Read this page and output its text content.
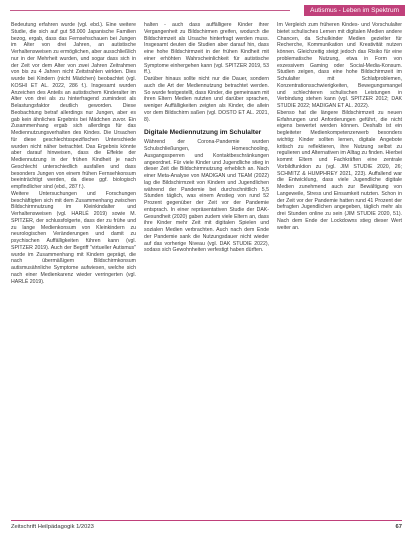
Autismus - Leben im Spektrum

Bedeutung erfahren wurde (vgl. ebd.). Eine weitere Studie, die sich auf gut 58.000 Japanische Familien bezog, ergab, dass das Fernsehschauen bei Jungen im Alter von drei Jahren, an autistische Verhaltensweisen zu ermöglichen, aber ausschließlich nur in der Mehrheit wurden, und sogar dass sich in der Zeit vor dem Alter von zwei Jahren Zeitrahmen von bis zu 4 Jahren nicht Zeitstrahlen wirkten. Dies wurde bei Kindern (nicht Mädchen) beobachtet (vgl. KOSHI ET AL. 2022, 286 f.). Insgesamt wurden Anzeichen des Anteils an autistischem Kinderalter im Alter von drei als zu hinterfragend zumindest als Belastungsfaktor deutlich geworden. Diese Beobachtung betraf allerdings nur Jungen, aber es gab kein ähnliches Ergebnis bei Mädchen zuvor. Ein Zusammenhang ergab sich allerdings für das Mediennutzungsverhalten des Kindes. Die Ursachen für diese geschlechtsspezifischen Unterschiede wurden nicht näher betrachtet. Das Ergebnis könnte aber darauf hinweisen, dass die Effekte der Mediennutzung in der frühen Kindheit je nach Geschlecht unterschiedlich ausfallen und dass besonders Jungen von einem frühen Fernsehkonsum beeinträchtigt werden, da diese ggf. biologisch empfindlicher sind (ebd., 287 f.).

Weitere Untersuchungen und Forschungen beschäftigten sich mit dem Zusammenhang zwischen Bildschirmnutzung im Kleinkindalter und Verhaltensweisen (vgl. HARLÉ 2019) sowie M. SPITZER, der schlussfolgerte, dass der zu frühe und zu lange Medienkonsum von Kleinkindern zu neurologischen Veränderungen und damit zu psychischen Auffälligkeiten führen kann (vgl. SPITZER 2019). Auch der Begriff "virtueller Autismus" wurde im Zusammenhang mit Kindern geprägt, die nach übermäßigem Bildschirmkonsum autismusähnliche Symptome aufwiesen, welche sich nach einer Medienkarenz wieder verringerten (vgl. HARLÉ 2019).

halten - auch dass auffälligere Kinder ihrer Vergangenheit zu Bildschirmen greifen, wodurch die Bildschirmzeit als Ursache hinterfragt werden muss. Insgesamt deuten die Studien aber darauf hin, dass eine hohe Bildschirmzeit in der frühen Kindheit mit einer erhöhten Wahrscheinlichkeit für autistische Symptome einhergehen kann (vgl. SPITZER 2019, 53 ff.).

Darüber hinaus sollte nicht nur die Dauer, sondern auch die Art der Mediennutzung betrachtet werden. So wurde festgestellt, dass Kinder, die gemeinsam mit ihren Eltern Medien nutzten und darüber sprachen, weniger Auffälligkeiten zeigten als Kinder, die allein vor dem Bildschirm saßen (vgl. DOSTO ET AL. 2021, 8).

Digitale Mediennutzung im Schulalter

Während der Corona-Pandemie wurden Schulschließungen, Homeschooling, Ausgangssperren und Kontaktbeschränkungen angeordnet. Für viele Kinder und Jugendliche stieg in dieser Zeit die Bildschirmnutzung erheblich an. Nach einer Meta-Analyse von MADIGAN und TEAM (2022) lag die Bildschirmzeit von Kindern und Jugendlichen während der Pandemie bei durchschnittlich 5,5 Stunden täglich, was einem Anstieg von rund 52 Prozent gegenüber der Zeit vor der Pandemie entsprach. In einer repräsentativen Studie der DAK-Gesundheit (2020) gaben zudem viele Eltern an, dass ihre Kinder mehr Zeit mit digitalen Spielen und sozialen Medien verbrachten. Auch nach dem Ende der Pandemie sank die Nutzungsdauer nicht wieder auf das vorherige Niveau (vgl. DAK STUDIE 2022), sodass sich Gewohnheiten verfestigt haben dürften.

Im Vergleich zum früheren Kindes- und Vorschulalter bietet schulisches Lernen mit digitalen Medien andere Chancen, da Schulkinder Medien gezielter für Recherche, Kommunikation und Kreativität nutzen können. Gleichzeitig steigt jedoch das Risiko für eine problematische Nutzung, etwa in Form von exzessivem Gaming oder Social-Media-Konsum. Studien zeigen, dass eine hohe Bildschirmzeit im Schulalter mit Schlafproblemen, Konzentrationsschwierigkeiten, Bewegungsmangel und schlechteren schulischen Leistungen in Verbindung stehen kann (vgl. SPITZER 2012; DAK STUDIE 2022; MADIGAN ET AL. 2022).

Ebenso hat die längere Bildschirmzeit zu neuen Erfahrungen und Anforderungen geführt, die nicht eigens bewertet werden können. Deshalb ist ein begleiteter Medienkompetenzerwerb besonders wichtig: Kinder sollten lernen, digitale Angebote kritisch zu reflektieren, ihre Nutzung selbst zu regulieren und Alternativen im Alltag zu finden. Hierbei kommt Eltern und Fachkräften eine zentrale Vorbildfunktion zu (vgl. JIM STUDIE 2020, 26; SCHMITZ & HUMPHREY 2021, 223). Auffallend war die Entwicklung, dass viele Jugendliche digitale Medien zunehmend auch zur Bewältigung von Langeweile, Stress und Einsamkeit nutzten. Schon in der Zeit vor der Pandemie hatten rund 41 Prozent der befragten Jugendlichen angegeben, täglich mehr als drei Stunden online zu sein (JIM STUDIE 2020, 51). Nach dem Ende der Lockdowns stieg dieser Wert weiter an.

Zeitschrift Heilpädagogik 1/2023	67
